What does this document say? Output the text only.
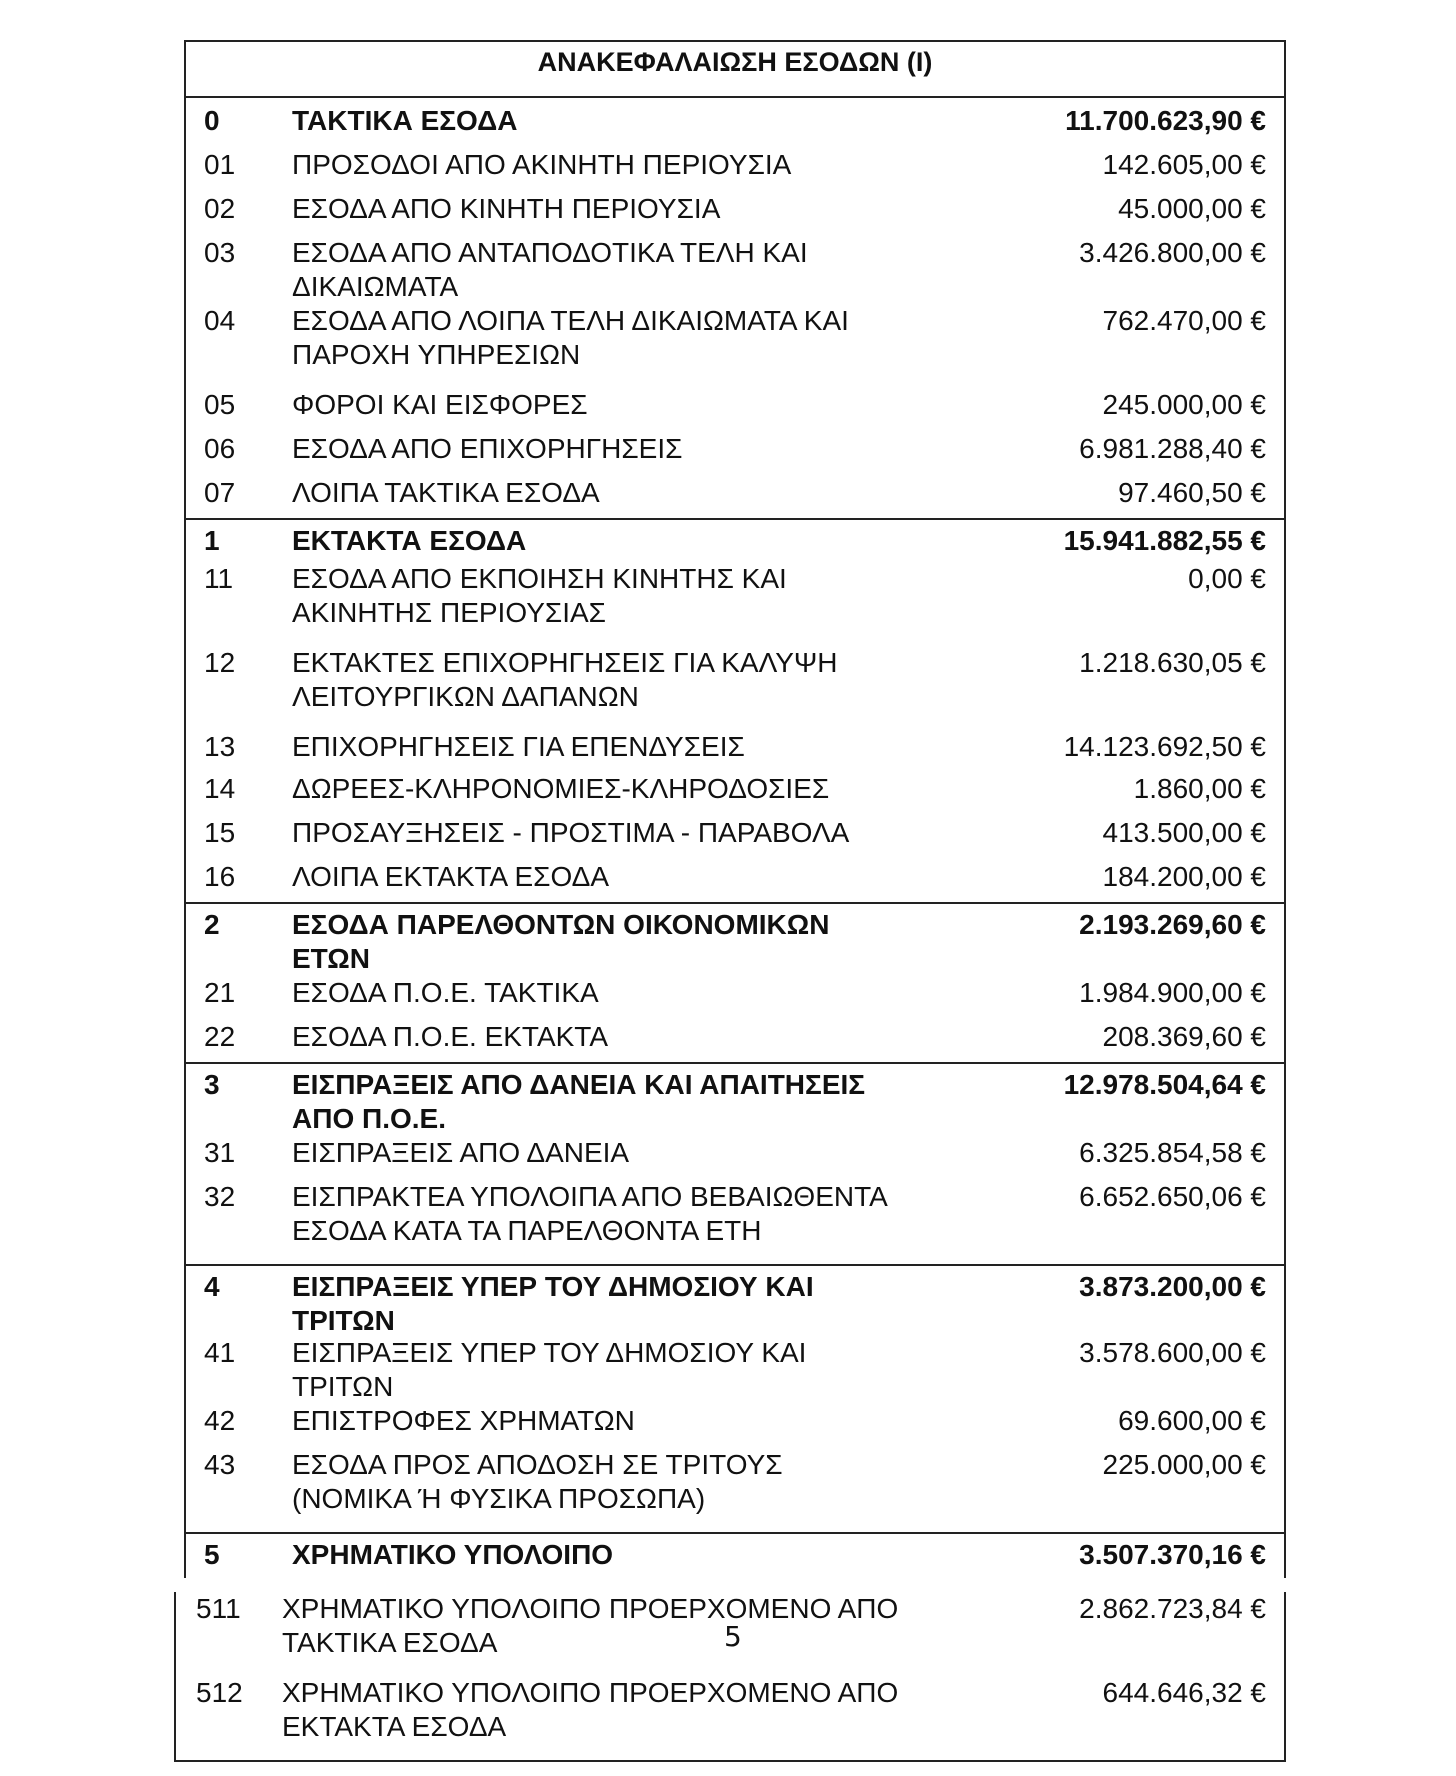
ΑΝΑΚΕΦΑΛΑΙΩΣΗ ΕΣΟΔΩΝ (Ι)
0	ΤΑΚΤΙΚΑ ΕΣΟΔΑ	11.700.623,90 €
01 ΠΡΟΣΟΔΟΙ ΑΠΟ ΑΚΙΝΗΤΗ ΠΕΡΙΟΥΣΙΑ	142.605,00 €
02 ΕΣΟΔΑ ΑΠΟ ΚΙΝΗΤΗ ΠΕΡΙΟΥΣΙΑ	45.000,00 €
03 ΕΣΟΔΑ ΑΠΟ ΑΝΤΑΠΟΔΟΤΙΚΑ ΤΕΛΗ ΚΑΙ ΔΙΚΑΙΩΜΑΤΑ
3.426.800,00 €
04 ΕΣΟΔΑ ΑΠΟ ΛΟΙΠΑ ΤΕΛΗ ΔΙΚΑΙΩΜΑΤΑ ΚΑΙ ΠΑΡΟΧΗ ΥΠΗΡΕΣΙΩΝ
762.470,00 €
05 ΦΟΡΟΙ ΚΑΙ ΕΙΣΦΟΡΕΣ	245.000,00 €
06 ΕΣΟΔΑ ΑΠΟ ΕΠΙΧΟΡΗΓΗΣΕΙΣ	6.981.288,40 €
07 ΛΟΙΠΑ ΤΑΚΤΙΚΑ ΕΣΟΔΑ	97.460,50 €
1	ΕΚΤΑΚΤΑ ΕΣΟΔΑ	15.941.882,55 €
11 ΕΣΟΔΑ ΑΠΟ ΕΚΠΟΙΗΣΗ ΚΙΝΗΤΗΣ ΚΑΙ ΑΚΙΝΗΤΗΣ ΠΕΡΙΟΥΣΙΑΣ
0,00 €
12 ΕΚΤΑΚΤΕΣ ΕΠΙΧΟΡΗΓΗΣΕΙΣ ΓΙΑ ΚΑΛΥΨΗ ΛΕΙΤΟΥΡΓΙΚΩΝ ΔΑΠΑΝΩΝ
1.218.630,05 €
13 ΕΠΙΧΟΡΗΓΗΣΕΙΣ ΓΙΑ ΕΠΕΝΔΥΣΕΙΣ	14.123.692,50 €
14 ΔΩΡΕΕΣ-ΚΛΗΡΟΝΟΜΙΕΣ-ΚΛΗΡΟΔΟΣΙΕΣ	1.860,00 €
15 ΠΡΟΣΑΥΞΗΣΕΙΣ - ΠΡΟΣΤΙΜΑ - ΠΑΡΑΒΟΛΑ	413.500,00 €
16 ΛΟΙΠΑ ΕΚΤΑΚΤΑ ΕΣΟΔΑ	184.200,00 €
2	ΕΣΟΔΑ ΠΑΡΕΛΘΟΝΤΩΝ ΟΙΚΟΝΟΜΙΚΩΝ ΕΤΩΝ
2.193.269,60 €
21 ΕΣΟΔΑ Π.Ο.Ε. ΤΑΚΤΙΚΑ	1.984.900,00 €
22 ΕΣΟΔΑ Π.Ο.Ε. ΕΚΤΑΚΤΑ	208.369,60 €
3	ΕΙΣΠΡΑΞΕΙΣ ΑΠΟ ΔΑΝΕΙΑ ΚΑΙ ΑΠΑΙΤΗΣΕΙΣ ΑΠΟ Π.Ο.Ε.
12.978.504,64 €
31 ΕΙΣΠΡΑΞΕΙΣ ΑΠΟ ΔΑΝΕΙΑ	6.325.854,58 €
32 ΕΙΣΠΡΑΚΤΕΑ ΥΠΟΛΟΙΠΑ ΑΠΟ ΒΕΒΑΙΩΘΕΝΤΑ ΕΣΟΔΑ ΚΑΤΑ ΤΑ ΠΑΡΕΛΘΟΝΤΑ ΕΤΗ
6.652.650,06 €
4	ΕΙΣΠΡΑΞΕΙΣ ΥΠΕΡ ΤΟΥ ΔΗΜΟΣΙΟΥ ΚΑΙ ΤΡΙΤΩΝ
3.873.200,00 €
41 ΕΙΣΠΡΑΞΕΙΣ ΥΠΕΡ ΤΟΥ ΔΗΜΟΣΙΟΥ ΚΑΙ ΤΡΙΤΩΝ
3.578.600,00 €
42 ΕΠΙΣΤΡΟΦΕΣ ΧΡΗΜΑΤΩΝ	69.600,00 €
43 ΕΣΟΔΑ ΠΡΟΣ ΑΠΟΔΟΣΗ ΣΕ ΤΡΙΤΟΥΣ (ΝΟΜΙΚΑ Ή ΦΥΣΙΚΑ ΠΡΟΣΩΠΑ)
225.000,00 €
5	ΧΡΗΜΑΤΙΚΟ ΥΠΟΛΟΙΠΟ	3.507.370,16 €
511 ΧΡΗΜΑΤΙΚΟ ΥΠΟΛΟΙΠΟ ΠΡΟΕΡΧΟΜΕΝΟ ΑΠΟ ΤΑΚΤΙΚΑ ΕΣΟΔΑ
2.862.723,84 €
512 ΧΡΗΜΑΤΙΚΟ ΥΠΟΛΟΙΠΟ ΠΡΟΕΡΧΟΜΕΝΟ ΑΠΟ ΕΚΤΑΚΤΑ ΕΣΟΔΑ
644.646,32 €
5
